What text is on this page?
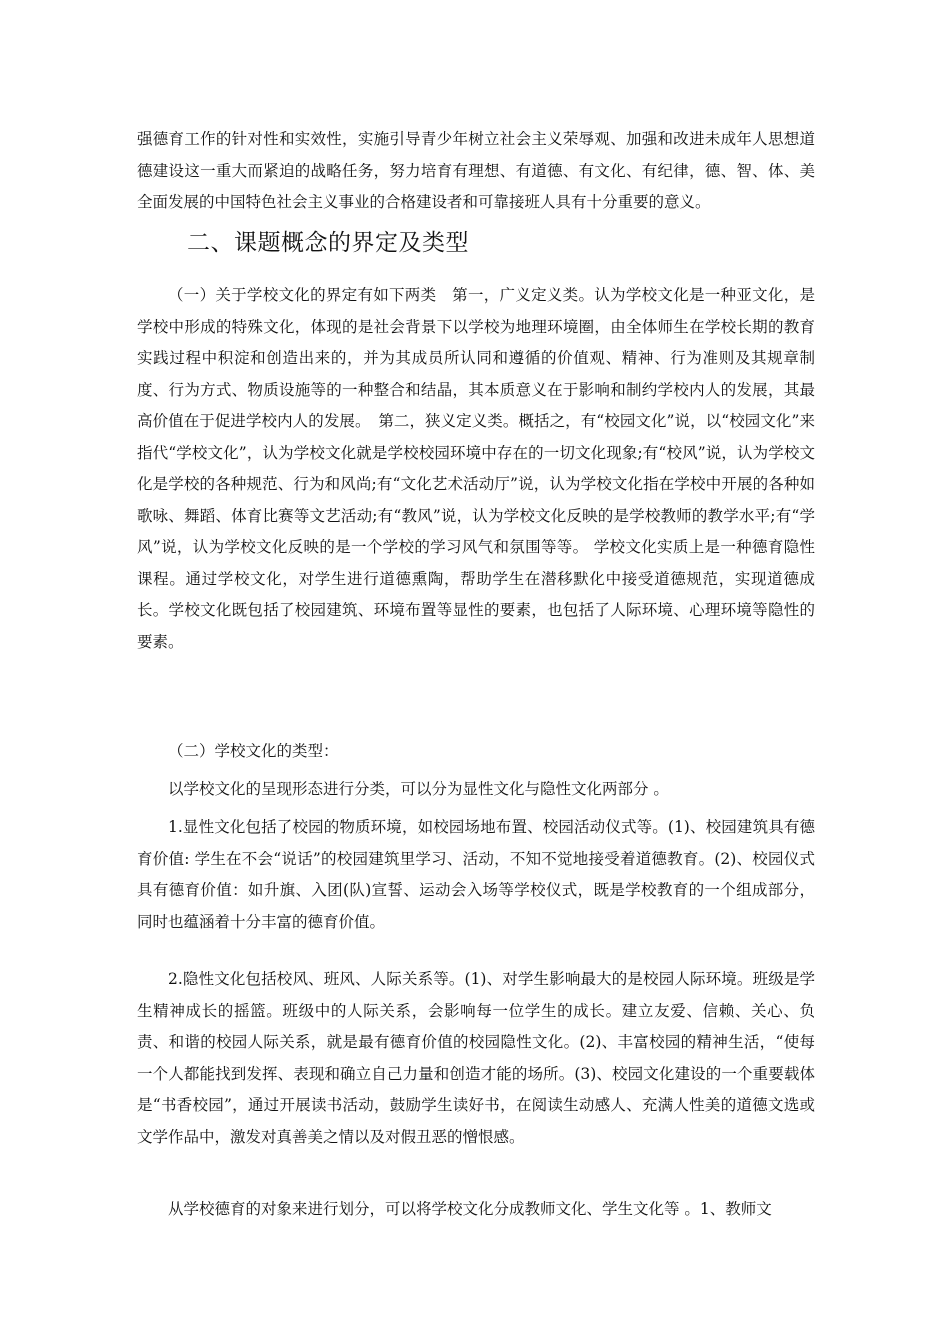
强德育工作的针对性和实效性，实施引导青少年树立社会主义荣辱观、加强和改进未成年人思想道德建设这一重大而紧迫的战略任务，努力培育有理想、有道德、有文化、有纪律，德、智、体、美全面发展的中国特色社会主义事业的合格建设者和可靠接班人具有十分重要的意义。

二、课题概念的界定及类型

（一）关于学校文化的界定有如下两类　第一，广义定义类。认为学校文化是一种亚文化，是学校中形成的特殊文化，体现的是社会背景下以学校为地理环境圈，由全体师生在学校长期的教育实践过程中积淀和创造出来的，并为其成员所认同和遵循的价值观、精神、行为准则及其规章制度、行为方式、物质设施等的一种整合和结晶，其本质意义在于影响和制约学校内人的发展，其最高价值在于促进学校内人的发展。　第二，狭义定义类。概括之，有“校园文化”说，以“校园文化”来指代“学校文化”，认为学校文化就是学校校园环境中存在的一切文化现象;有“校风”说，认为学校文化是学校的各种规范、行为和风尚;有“文化艺术活动厅”说，认为学校文化指在学校中开展的各种如歌咏、舞蹈、体育比赛等文艺活动;有“教风”说，认为学校文化反映的是学校教师的教学水平;有“学风”说，认为学校文化反映的是一个学校的学习风气和氛围等等。 学校文化实质上是一种德育隐性课程。通过学校文化，对学生进行道德熏陶，帮助学生在潜移默化中接受道德规范，实现道德成长。学校文化既包括了校园建筑、环境布置等显性的要素，也包括了人际环境、心理环境等隐性的要素。

（二）学校文化的类型：

以学校文化的呈现形态进行分类，可以分为显性文化与隐性文化两部分 。

1.显性文化包括了校园的物质环境，如校园场地布置、校园活动仪式等。(1)、校园建筑具有德育价值: 学生在不会“说话”的校园建筑里学习、活动，不知不觉地接受着道德教育。(2)、校园仪式具有德育价值：如升旗、入团(队)宣誓、运动会入场等学校仪式，既是学校教育的一个组成部分，同时也蕴涵着十分丰富的德育价值。

2.隐性文化包括校风、班风、人际关系等。(1)、对学生影响最大的是校园人际环境。班级是学生精神成长的摇篮。班级中的人际关系，会影响每一位学生的成长。建立友爱、信赖、关心、负责、和谐的校园人际关系，就是最有德育价值的校园隐性文化。(2)、丰富校园的精神生活，“使每一个人都能找到发挥、表现和确立自己力量和创造才能的场所。(3)、校园文化建设的一个重要载体是“书香校园”，通过开展读书活动，鼓励学生读好书，在阅读生动感人、充满人性美的道德文选或文学作品中，激发对真善美之情以及对假丑恶的憎恨感。

从学校德育的对象来进行划分，可以将学校文化分成教师文化、学生文化等 。1、教师文
